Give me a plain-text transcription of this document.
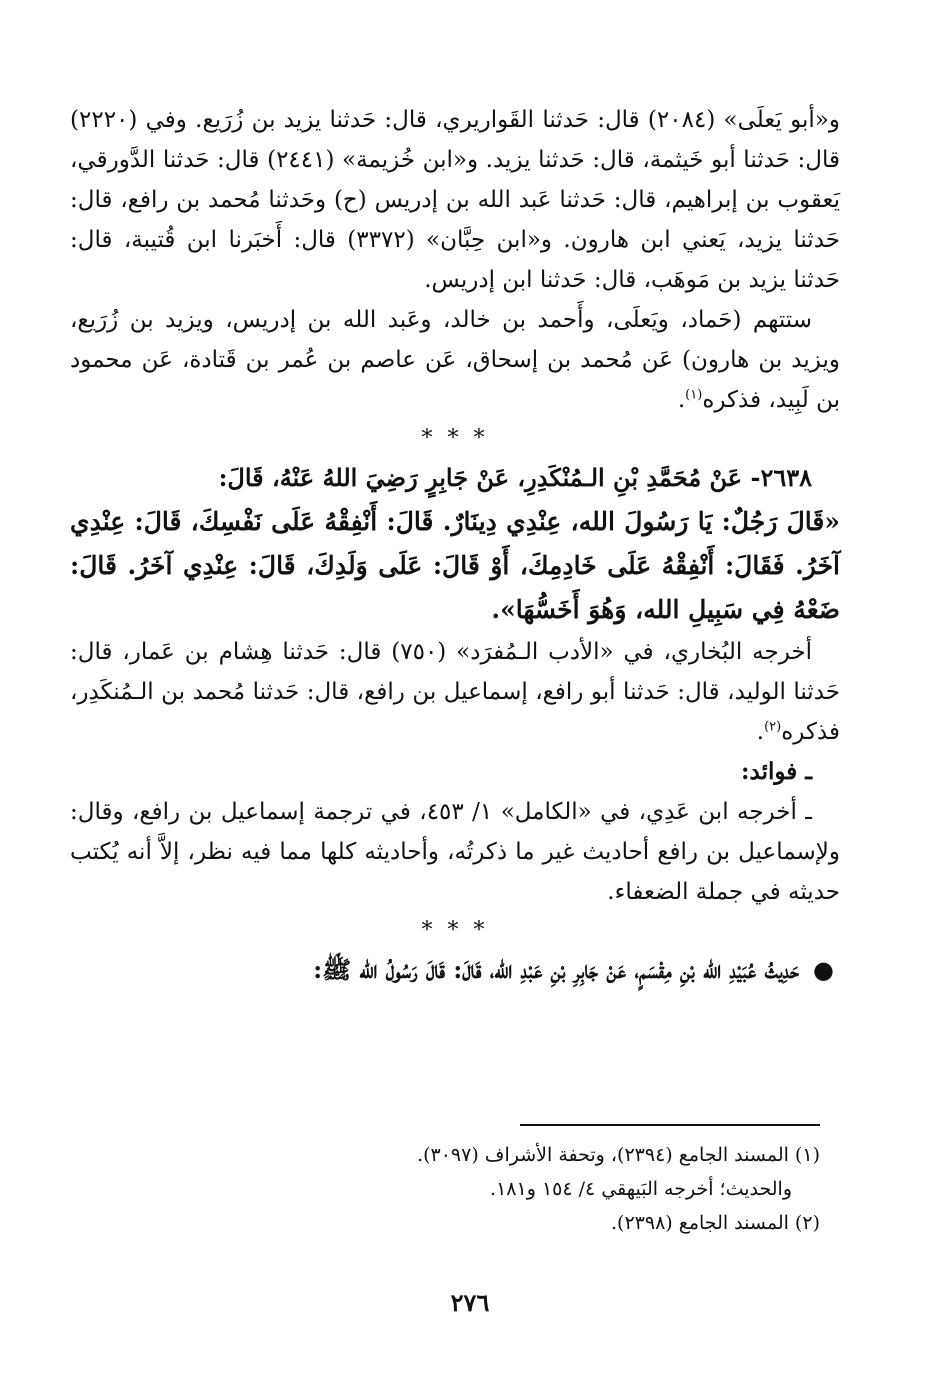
و«أبو يَعلَى» (٢٠٨٤) قال: حَدثنا القَواريري، قال: حَدثنا يزيد بن زُرَيع. وفي (٢٢٢٠) قال: حَدثنا أبو خَيثمة، قال: حَدثنا يزيد. و«ابن خُزيمة» (٢٤٤١) قال: حَدثنا الدَّورقي، يَعقوب بن إبراهيم، قال: حَدثنا عَبد الله بن إدريس (ح) وحَدثنا مُحمد بن رافع، قال: حَدثنا يزيد، يَعني ابن هارون. و«ابن حِبَّان» (٣٣٧٢) قال: أَخبَرنا ابن قُتيبة، قال: حَدثنا يزيد بن مَوهَب، قال: حَدثنا ابن إدريس.

ستتهم (حَماد، ويَعلَى، وأَحمد بن خالد، وعَبد الله بن إدريس، ويزيد بن زُرَيع، ويزيد بن هارون) عَن مُحمد بن إسحاق، عَن عاصم بن عُمر بن قَتادة، عَن محمود بن لَبِيد، فذكره$^{(١)}$.

* * *

٢٦٣٨- عَنْ مُحَمَّدِ بْنِ الـمُنْكَدِرِ، عَنْ جَابِرٍ رَضِيَ اللهُ عَنْهُ، قَالَ:

«قَالَ رَجُلٌ: يَا رَسُولَ الله، عِنْدِي دِينَارٌ. قَالَ: أَنْفِقْهُ عَلَى نَفْسِكَ، قَالَ: عِنْدِي آخَرُ. فَقَالَ: أَنْفِقْهُ عَلَى خَادِمِكَ، أَوْ قَالَ: عَلَى وَلَدِكَ، قَالَ: عِنْدِي آخَرُ. قَالَ: ضَعْهُ فِي سَبِيلِ الله، وَهُوَ أَخَسُّهَا».

أخرجه البُخاري، في «الأدب الـمُفرَد» (٧٥٠) قال: حَدثنا هِشام بن عَمار، قال: حَدثنا الوليد، قال: حَدثنا أبو رافع، إسماعيل بن رافع، قال: حَدثنا مُحمد بن الـمُنكَدِر، فذكره$^{(٢)}$.

ـ فوائد:

ـ أخرجه ابن عَدِي، في «الكامل» ١/ ٤٥٣، في ترجمة إسماعيل بن رافع، وقال: ولإسماعيل بن رافع أحاديث غير ما ذكرتُه، وأحاديثه كلها مما فيه نظر، إلاَّ أنه يُكتب حديثه في جملة الضعفاء.

* * *

●حَدِيثُ عُبَيْدِ الله بْنِ مِقْسَمٍ، عَنْ جَابِرِ بْنِ عَبْدِ الله، قَالَ: قَالَ رَسُولُ الله ﷺ:

(١) المسند الجامع (٢٣٩٤)، وتحفة الأشراف (٣٠٩٧).

والحديث؛ أخرجه البَيهقي ٤/ ١٥٤ و١٨١.

(٢) المسند الجامع (٢٣٩٨).

٢٧٦
